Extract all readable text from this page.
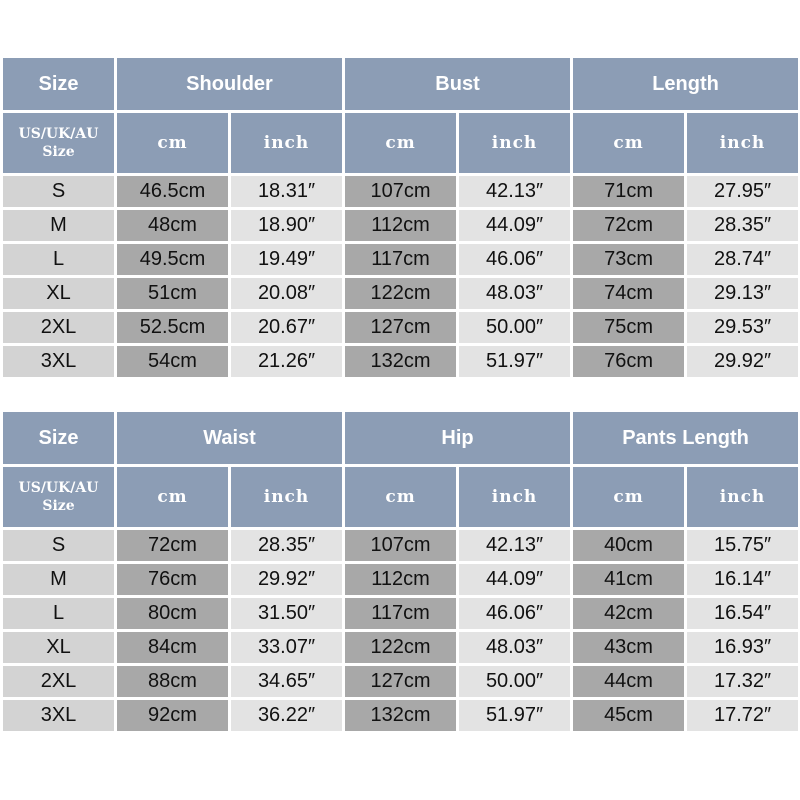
Size	Shoulder		Bust		Length	

US/UK/AU
Size	cm	inch	cm	inch	cm	inch
S	46.5cm	18.31″	107cm	42.13″	71cm	27.95″
M	48cm	18.90″	112cm	44.09″	72cm	28.35″
L	49.5cm	19.49″	117cm	46.06″	73cm	28.74″
XL	51cm	20.08″	122cm	48.03″	74cm	29.13″
2XL	52.5cm	20.67″	127cm	50.00″	75cm	29.53″
3XL	54cm	21.26″	132cm	51.97″	76cm	29.92″
Size	Waist		Hip		Pants Length	

US/UK/AU
Size	cm	inch	cm	inch	cm	inch
S	72cm	28.35″	107cm	42.13″	40cm	15.75″
M	76cm	29.92″	112cm	44.09″	41cm	16.14″
L	80cm	31.50″	117cm	46.06″	42cm	16.54″
XL	84cm	33.07″	122cm	48.03″	43cm	16.93″
2XL	88cm	34.65″	127cm	50.00″	44cm	17.32″
3XL	92cm	36.22″	132cm	51.97″	45cm	17.72″
